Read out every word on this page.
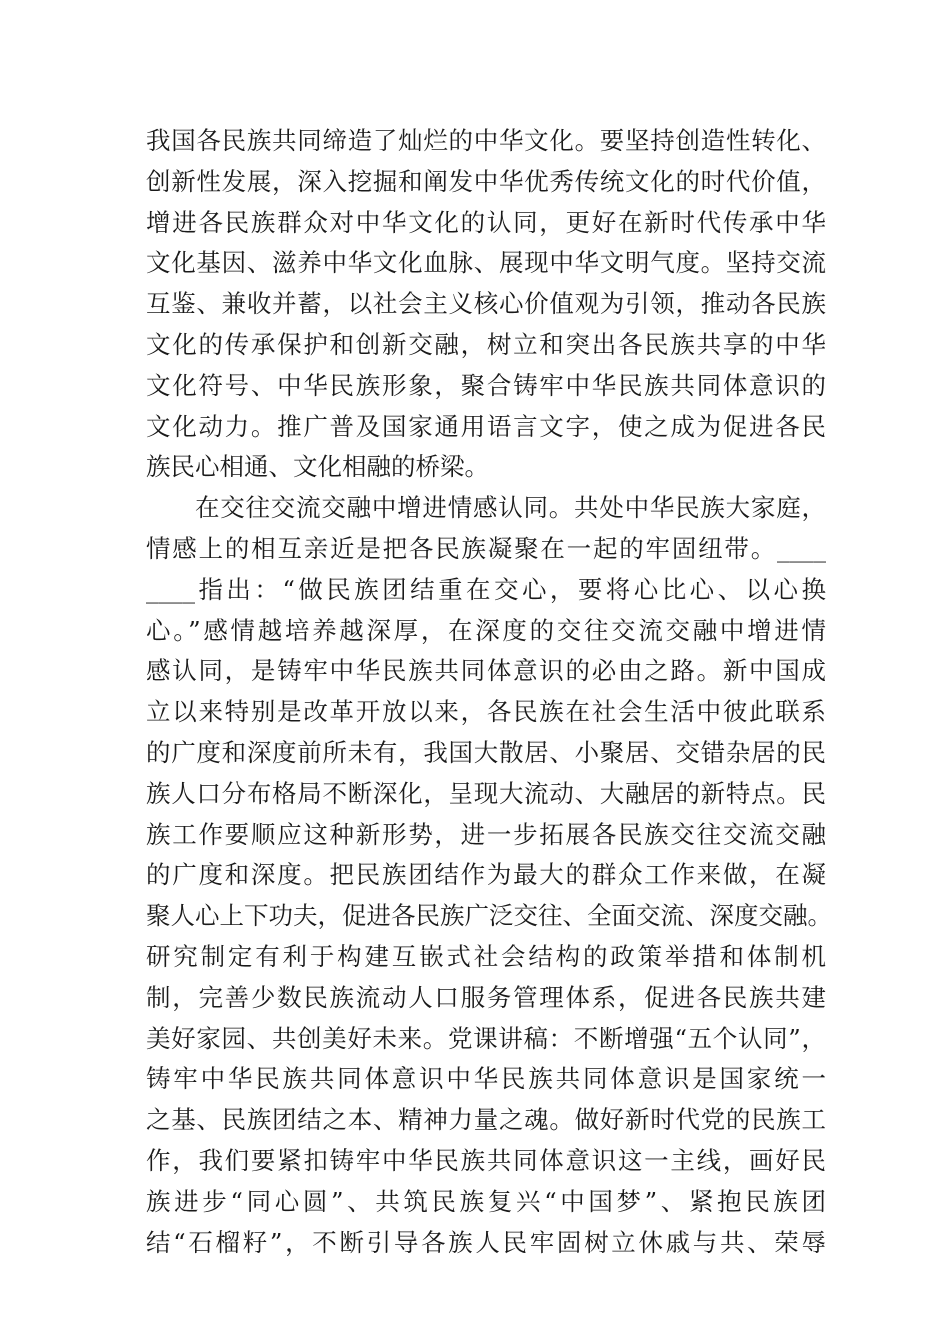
我国各民族共同缔造了灿烂的中华文化。要坚持创造性转化、
创新性发展，深入挖掘和阐发中华优秀传统文化的时代价值，
增进各民族群众对中华文化的认同，更好在新时代传承中华
文化基因、滋养中华文化血脉、展现中华文明气度。坚持交流
互鉴、兼收并蓄，以社会主义核心价值观为引领，推动各民族
文化的传承保护和创新交融，树立和突出各民族共享的中华
文化符号、中华民族形象，聚合铸牢中华民族共同体意识的
文化动力。推广普及国家通用语言文字，使之成为促进各民
族民心相通、文化相融的桥梁。
在交往交流交融中增进情感认同。共处中华民族大家庭，
情感上的相互亲近是把各民族凝聚在一起的牢固纽带。____
____指出：“做民族团结重在交心，要将心比心、以心换
心。”感情越培养越深厚，在深度的交往交流交融中增进情
感认同，是铸牢中华民族共同体意识的必由之路。新中国成
立以来特别是改革开放以来，各民族在社会生活中彼此联系
的广度和深度前所未有，我国大散居、小聚居、交错杂居的民
族人口分布格局不断深化，呈现大流动、大融居的新特点。民
族工作要顺应这种新形势，进一步拓展各民族交往交流交融
的广度和深度。把民族团结作为最大的群众工作来做，在凝
聚人心上下功夫，促进各民族广泛交往、全面交流、深度交融。
研究制定有利于构建互嵌式社会结构的政策举措和体制机
制，完善少数民族流动人口服务管理体系，促进各民族共建
美好家园、共创美好未来。党课讲稿：不断增强“五个认同”，
铸牢中华民族共同体意识中华民族共同体意识是国家统一
之基、民族团结之本、精神力量之魂。做好新时代党的民族工
作，我们要紧扣铸牢中华民族共同体意识这一主线，画好民
族进步“同心圆”、共筑民族复兴“中国梦”、紧抱民族团
结“石榴籽”，不断引导各族人民牢固树立休戚与共、荣辱
